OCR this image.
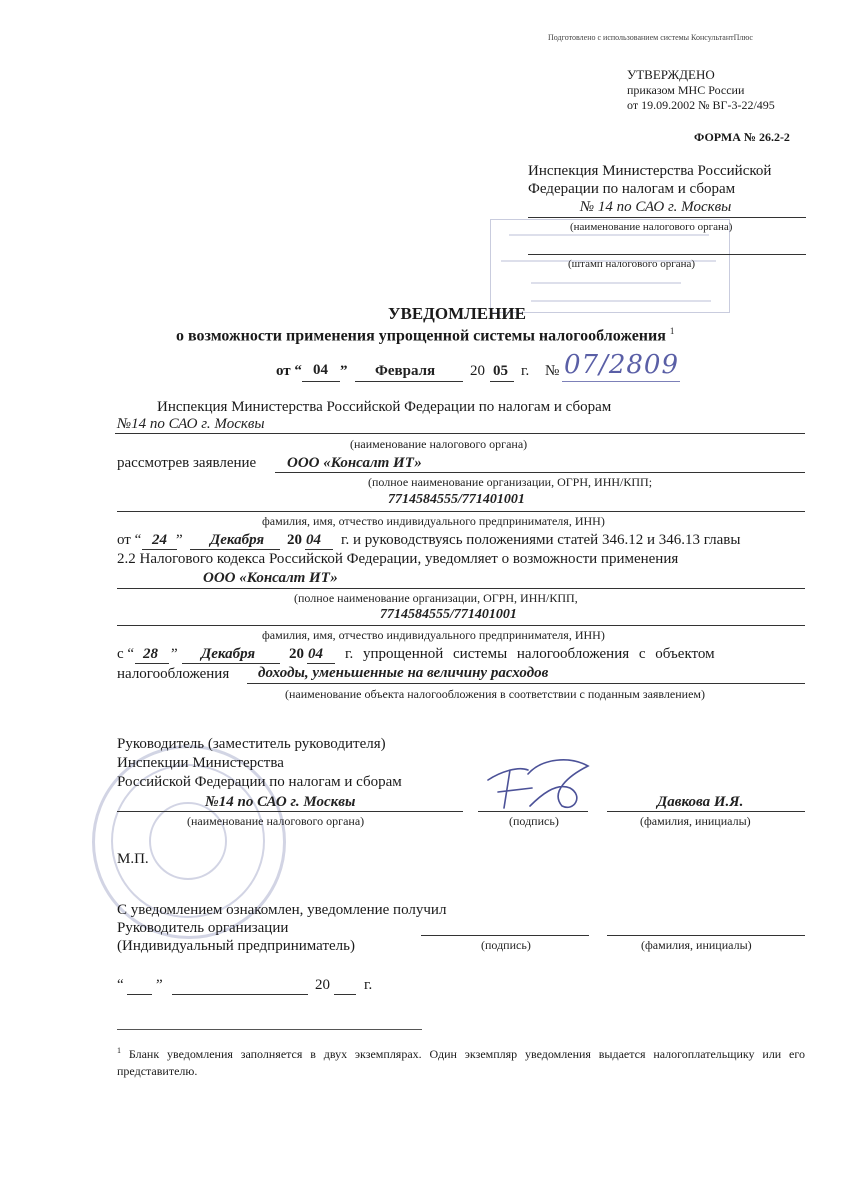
Подготовлено с использованием системы КонсультантПлюс
УТВЕРЖДЕНО
приказом МНС России
от 19.09.2002 № ВГ-3-22/495
ФОРМА № 26.2-2
Инспекция Министерства Российской
Федерации по налогам и сборам
№ 14 по САО г. Москвы
(наименование налогового органа)
(штамп налогового органа)
УВЕДОМЛЕНИЕ
о возможности применения упрощенной системы налогообложения $^1$
от “ 04 ” Февраля 20 05 г. № 07/2809
Инспекция Министерства Российской Федерации по налогам и сборам
№14 по САО г. Москвы
(наименование налогового органа)
рассмотрев заявление ООО «Консалт ИТ»
(полное наименование организации, ОГРН, ИНН/КПП;
7714584555/771401001
фамилия, имя, отчество индивидуального предпринимателя, ИНН)
от “ 24 ” Декабря 20 04 г. и руководствуясь положениями статей 346.12 и 346.13 главы
2.2 Налогового кодекса Российской Федерации, уведомляет о возможности применения
ООО «Консалт ИТ»
(полное наименование организации, ОГРН, ИНН/КПП,
7714584555/771401001
фамилия, имя, отчество индивидуального предпринимателя, ИНН)
с “ 28 ” Декабря 20 04 г. упрощенной системы налогообложения с объектом
налогообложения доходы, уменьшенные на величину расходов
(наименование объекта налогообложения в соответствии с поданным заявлением)
Руководитель (заместитель руководителя)
Инспекции Министерства
Российской Федерации по налогам и сборам
№14 по САО г. Москвы	Давкова И.Я.
(наименование налогового органа)	(подпись)	(фамилия, инициалы)
М.П.
С уведомлением ознакомлен, уведомление получил
Руководитель организации
(Индивидуальный предприниматель)	(подпись)	(фамилия, инициалы)
“ ”	20 г.
$^1$ Бланк уведомления заполняется в двух экземплярах. Один экземпляр уведомления выдается налогоплательщику или его представителю.
